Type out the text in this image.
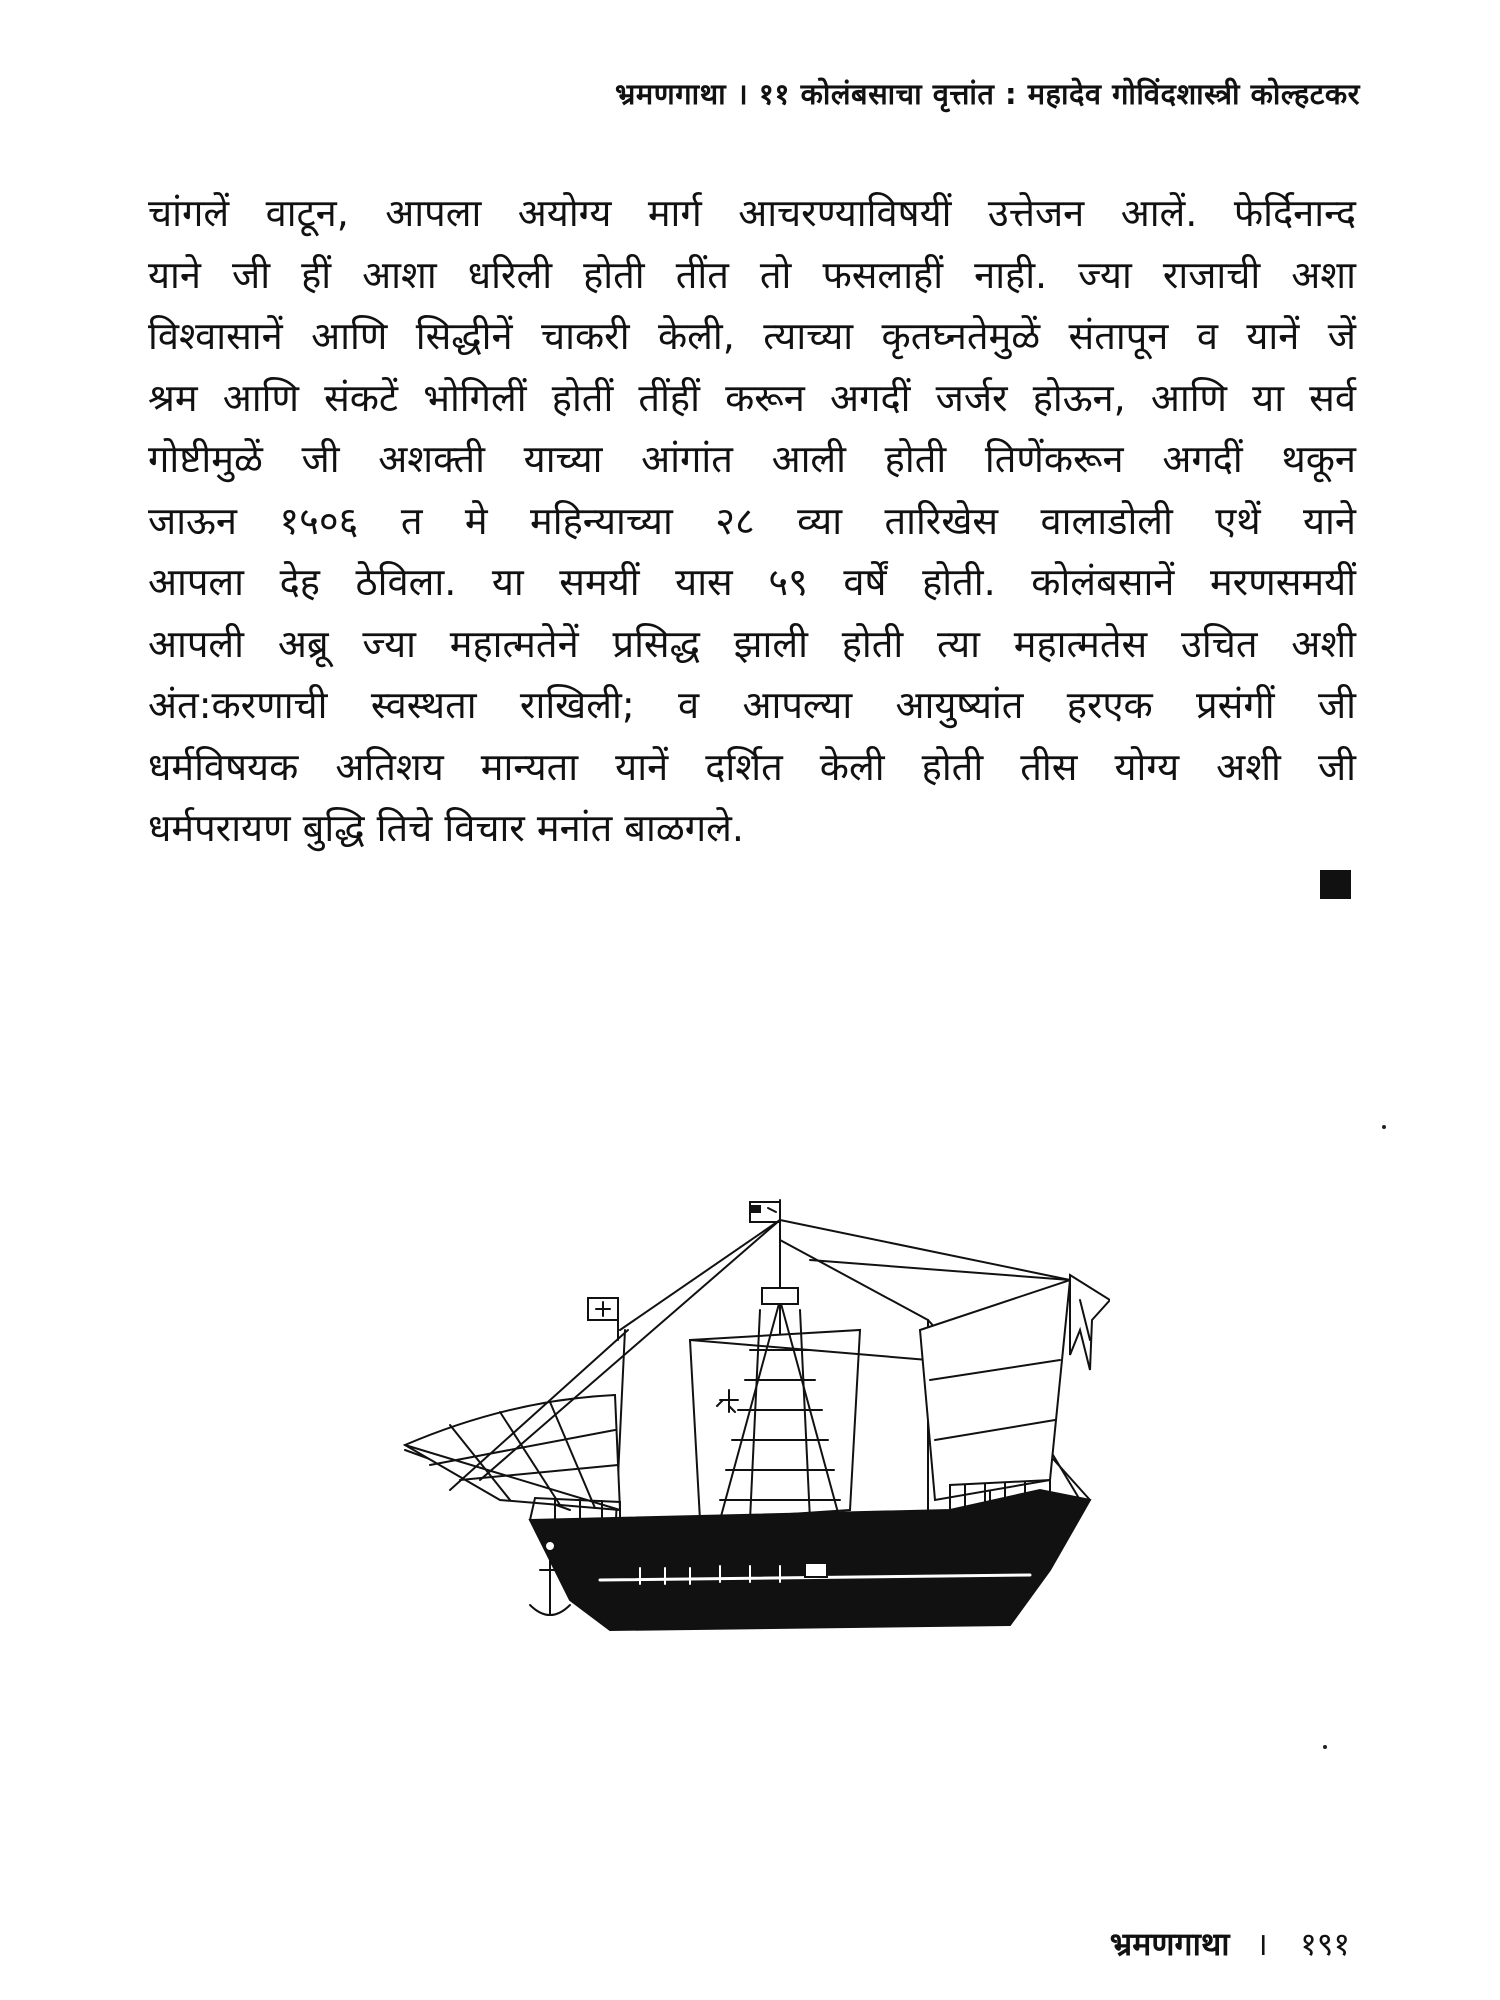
भ्रमणगाथा । ११ कोलंबसाचा वृत्तांत : महादेव गोविंदशास्त्री कोल्हटकर
चांगलें वाटून, आपला अयोग्य मार्ग आचरण्याविषयीं उत्तेजन आलें. फेर्दिनान्द
याने जी हीं आशा धरिली होती तींत तो फसलाहीं नाही. ज्या राजाची अशा
विश्वासानें आणि सिद्धीनें चाकरी केली, त्याच्या कृतघ्नतेमुळें संतापून व यानें जें
श्रम आणि संकटें भोगिलीं होतीं तींहीं करून अगदीं जर्जर होऊन, आणि या सर्व
गोष्टीमुळें जी अशक्ती याच्या आंगांत आली होती तिणेंकरून अगदीं थकून
जाऊन १५०६ त मे महिन्याच्या २८ व्या तारिखेस वालाडोली एथें याने
आपला देह ठेविला. या समयीं यास ५९ वर्षें होती. कोलंबसानें मरणसमयीं
आपली अब्रू ज्या महात्मतेनें प्रसिद्ध झाली होती त्या महात्मतेस उचित अशी
अंत:करणाची स्वस्थता राखिली; व आपल्या आयुष्यांत हरएक प्रसंगीं जी
धर्मविषयक अतिशय मान्यता यानें दर्शित केली होती तीस योग्य अशी जी
धर्मपरायण बुद्धि तिचे विचार मनांत बाळगले.
भ्रमणगाथा । १९१
